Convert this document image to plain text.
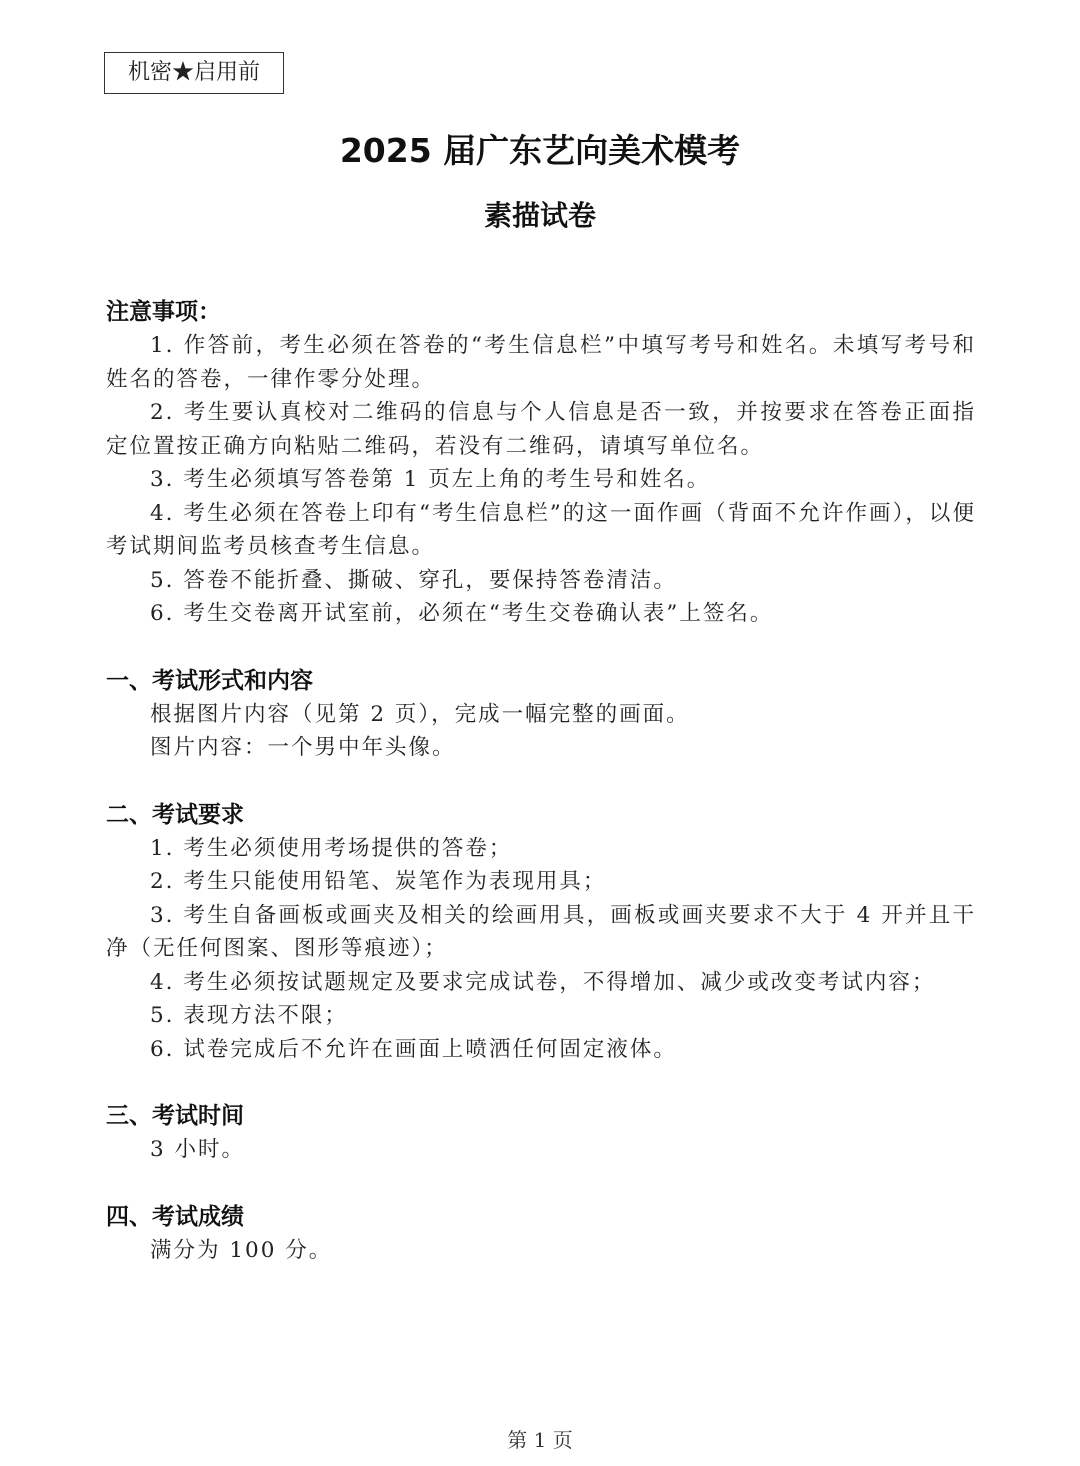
机密★启用前
2025 届广东艺向美术模考
素描试卷

注意事项：

1. 作答前，考生必须在答卷的“考生信息栏”中填写考号和姓名。未填写考号和姓名的答卷，一律作零分处理。

2. 考生要认真校对二维码的信息与个人信息是否一致，并按要求在答卷正面指定位置按正确方向粘贴二维码，若没有二维码，请填写单位名。

3. 考生必须填写答卷第 1 页左上角的考生号和姓名。

4. 考生必须在答卷上印有“考生信息栏”的这一面作画（背面不允许作画），以便考试期间监考员核查考生信息。

5. 答卷不能折叠、撕破、穿孔，要保持答卷清洁。

6. 考生交卷离开试室前，必须在“考生交卷确认表”上签名。

一、考试形式和内容

根据图片内容（见第 2 页），完成一幅完整的画面。

图片内容：一个男中年头像。

二、考试要求

1. 考生必须使用考场提供的答卷；

2. 考生只能使用铅笔、炭笔作为表现用具；

3. 考生自备画板或画夹及相关的绘画用具，画板或画夹要求不大于 4 开并且干净（无任何图案、图形等痕迹）；

4. 考生必须按试题规定及要求完成试卷，不得增加、减少或改变考试内容；

5. 表现方法不限；

6. 试卷完成后不允许在画面上喷洒任何固定液体。

三、考试时间

3 小时。

四、考试成绩

满分为 100 分。

第 1 页
